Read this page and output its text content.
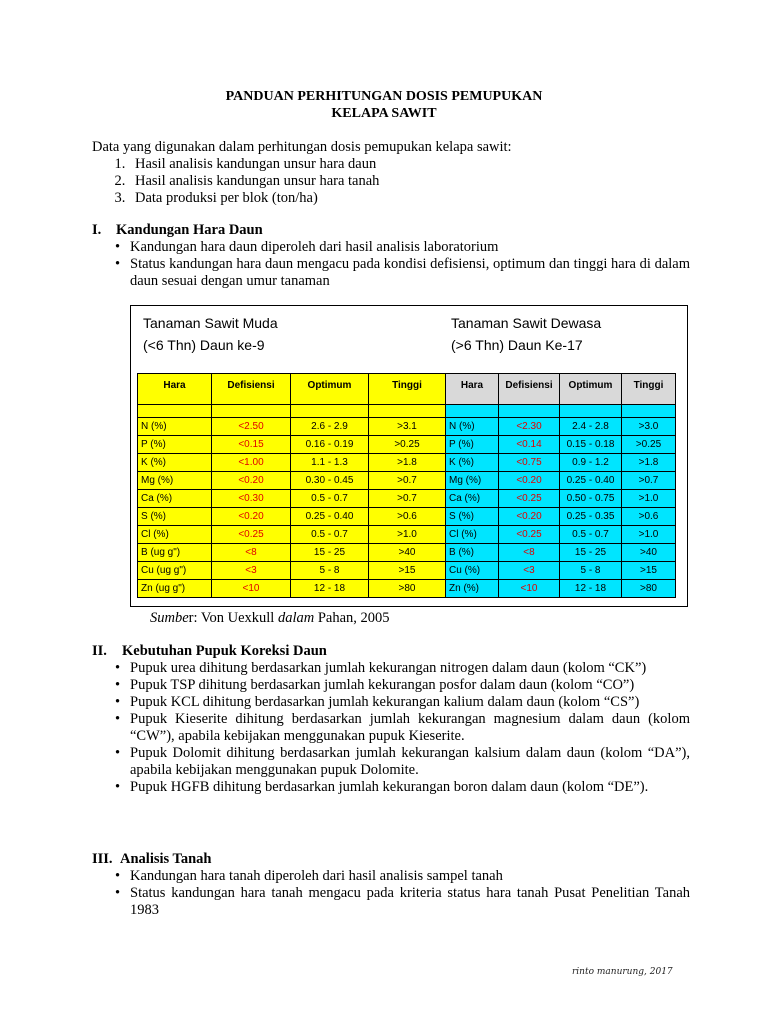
PANDUAN PERHITUNGAN DOSIS PEMUPUKAN
KELAPA SAWIT
Data yang digunakan dalam perhitungan dosis pemupukan kelapa sawit:
1. Hasil analisis kandungan unsur hara daun
2. Hasil analisis kandungan unsur hara tanah
3. Data produksi per blok (ton/ha)
I. Kandungan Hara Daun
• Kandungan hara daun diperoleh dari hasil analisis laboratorium
• Status kandungan hara daun mengacu pada kondisi defisiensi, optimum dan tinggi hara di dalam daun sesuai dengan umur tanaman
Tanaman Sawit Muda
(<6 Thn) Daun ke-9
Tanaman Sawit Dewasa
(>6 Thn) Daun Ke-17
Hara	Defisiensi	Optimum	Tinggi	Hara	Defisiensi	Optimum	Tinggi

N (%)	<2.50	2.6 - 2.9	>3.1	N (%)	<2.30	2.4 - 2.8	>3.0
P (%)	<0.15	0.16 - 0.19	>0.25	P (%)	<0.14	0.15 - 0.18	>0.25
K (%)	<1.00	1.1 - 1.3	>1.8	K (%)	<0.75	0.9 - 1.2	>1.8
Mg (%)	<0.20	0.30 - 0.45	>0.7	Mg (%)	<0.20	0.25 - 0.40	>0.7
Ca (%)	<0.30	0.5 - 0.7	>0.7	Ca (%)	<0.25	0.50 - 0.75	>1.0
S (%)	<0.20	0.25 - 0.40	>0.6	S (%)	<0.20	0.25 - 0.35	>0.6
Cl (%)	<0.25	0.5 - 0.7	>1.0	Cl (%)	<0.25	0.5 - 0.7	>1.0
B (ug g")	<8	15 - 25	>40	B (%)	<8	15 - 25	>40
Cu (ug g")	<3	5 - 8	>15	Cu (%)	<3	5 - 8	>15
Zn (ug g")	<10	12 - 18	>80	Zn (%)	<10	12 - 18	>80
Sumber: Von Uexkull dalam Pahan, 2005
II. Kebutuhan Pupuk Koreksi Daun
• Pupuk urea dihitung berdasarkan jumlah kekurangan nitrogen dalam daun (kolom “CK”)
• Pupuk TSP dihitung berdasarkan jumlah kekurangan posfor dalam daun (kolom “CO”)
• Pupuk KCL dihitung berdasarkan jumlah kekurangan kalium dalam daun (kolom “CS”)
• Pupuk Kieserite dihitung berdasarkan jumlah kekurangan magnesium dalam daun (kolom “CW”), apabila kebijakan menggunakan pupuk Kieserite.
• Pupuk Dolomit dihitung berdasarkan jumlah kekurangan kalsium dalam daun (kolom “DA”), apabila kebijakan menggunakan pupuk Dolomite.
• Pupuk HGFB dihitung berdasarkan jumlah kekurangan boron dalam daun (kolom “DE”).
III. Analisis Tanah
• Kandungan hara tanah diperoleh dari hasil analisis sampel tanah
• Status kandungan hara tanah mengacu pada kriteria status hara tanah Pusat Penelitian Tanah 1983
rinto manurung, 2017
